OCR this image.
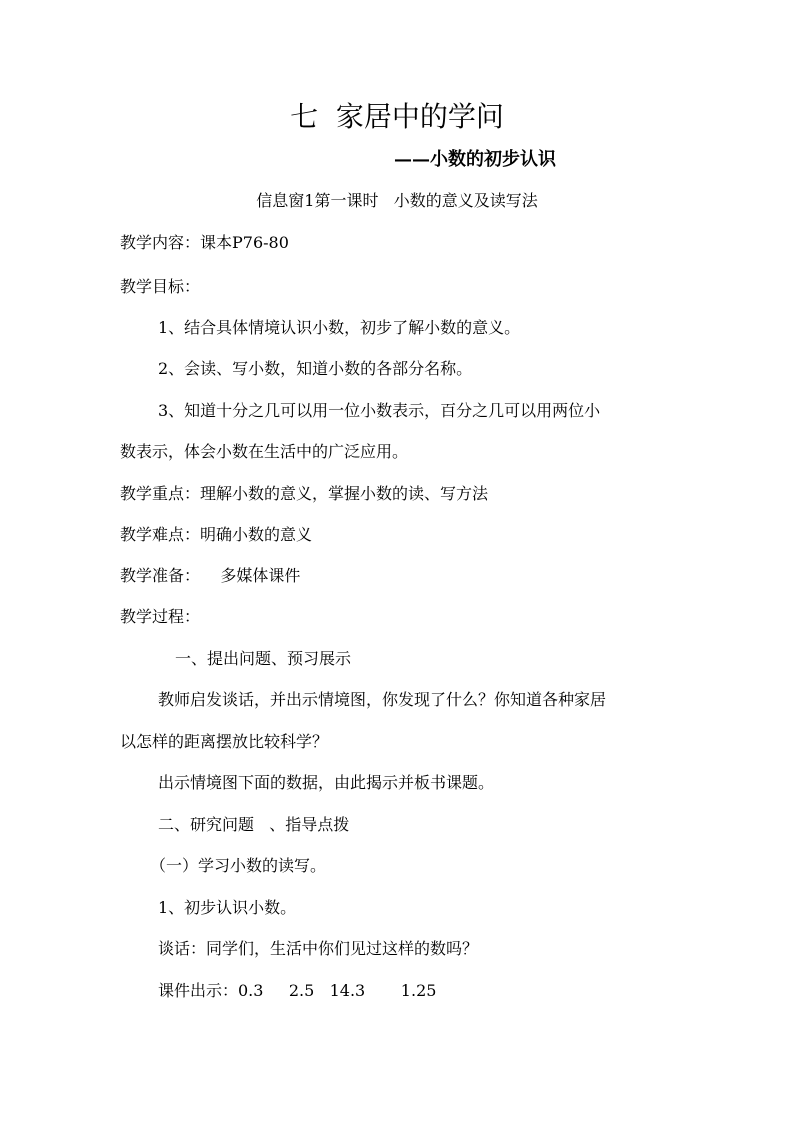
七  家居中的学问
——小数的初步认识
信息窗1第一课时   小数的意义及读写法
教学内容：课本P76-80
教学目标：
1、结合具体情境认识小数，初步了解小数的意义。
2、会读、写小数，知道小数的各部分名称。
3、知道十分之几可以用一位小数表示，百分之几可以用两位小
数表示，体会小数在生活中的广泛应用。
教学重点：理解小数的意义，掌握小数的读、写方法
教学难点：明确小数的意义
教学准备：    多媒体课件
教学过程：
一、提出问题、预习展示
教师启发谈话，并出示情境图，你发现了什么？你知道各种家居
以怎样的距离摆放比较科学？
出示情境图下面的数据，由此揭示并板书课题。
二、研究问题   、指导点拨
（一）学习小数的读写。
1、初步认识小数。
谈话：同学们，生活中你们见过这样的数吗？
课件出示：0.3     2.5   14.3       1.25
